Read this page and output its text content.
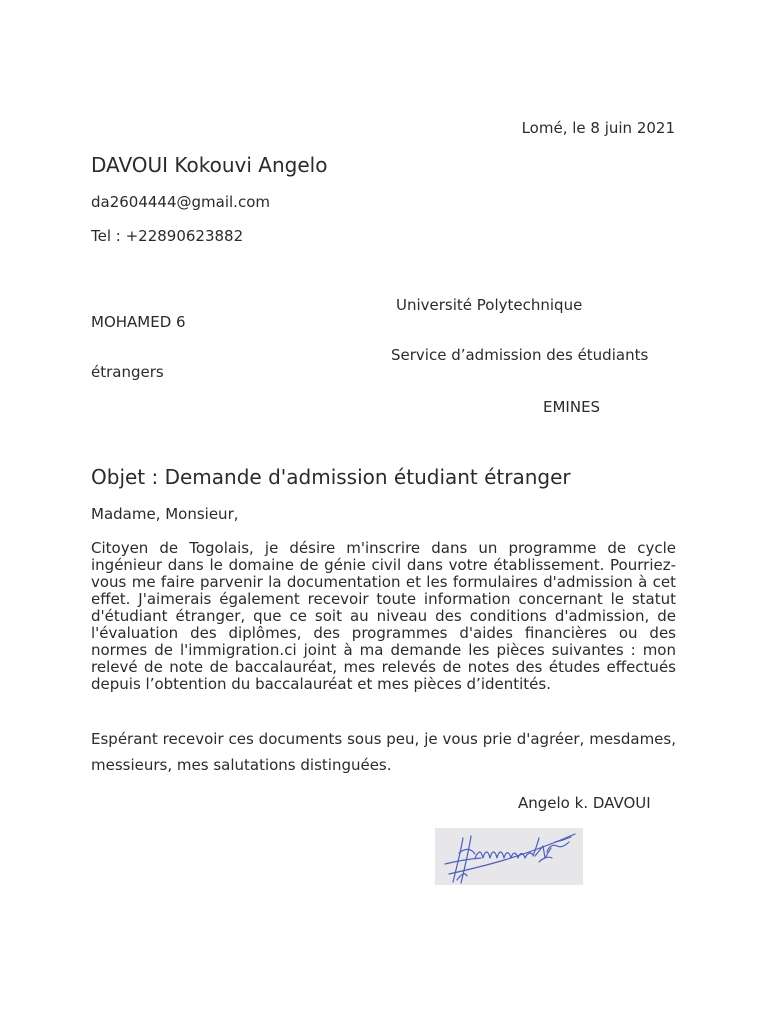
Lomé, le 8 juin 2021
DAVOUI Kokouvi Angelo
da2604444@gmail.com
Tel : +22890623882
Université Polytechnique
MOHAMED 6
Service d’admission des étudiants
étrangers
EMINES
Objet : Demande d'admission étudiant étranger
Madame, Monsieur,
Citoyen de Togolais, je désire m'inscrire dans un programme de cycle ingénieur dans le domaine de génie civil dans votre établissement. Pourriez-vous me faire parvenir la documentation et les formulaires d'admission à cet effet. J'aimerais également recevoir toute information concernant le statut d'étudiant étranger, que ce soit au niveau des conditions d'admission, de l'évaluation des diplômes, des programmes d'aides financières ou des normes de l'immigration.ci joint à ma demande les pièces suivantes : mon relevé de note de baccalauréat, mes relevés de notes des études effectués depuis l’obtention du baccalauréat et mes pièces d’identités.
Espérant recevoir ces documents sous peu, je vous prie d'agréer, mesdames, messieurs, mes salutations distinguées.
Angelo k. DAVOUI
